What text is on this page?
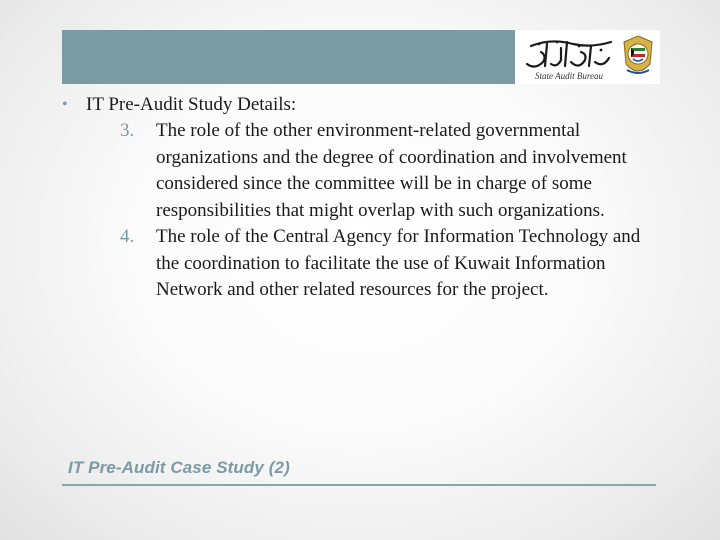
State Audit Bureau
• IT Pre-Audit Study Details:
3. The role of the other environment-related governmental organizations and the degree of coordination and involvement considered since the committee will be in charge of some responsibilities that might overlap with such organizations.
4. The role of the Central Agency for Information Technology and the coordination to facilitate the use of Kuwait Information Network and other related resources for the project.
IT Pre-Audit Case Study (2)
